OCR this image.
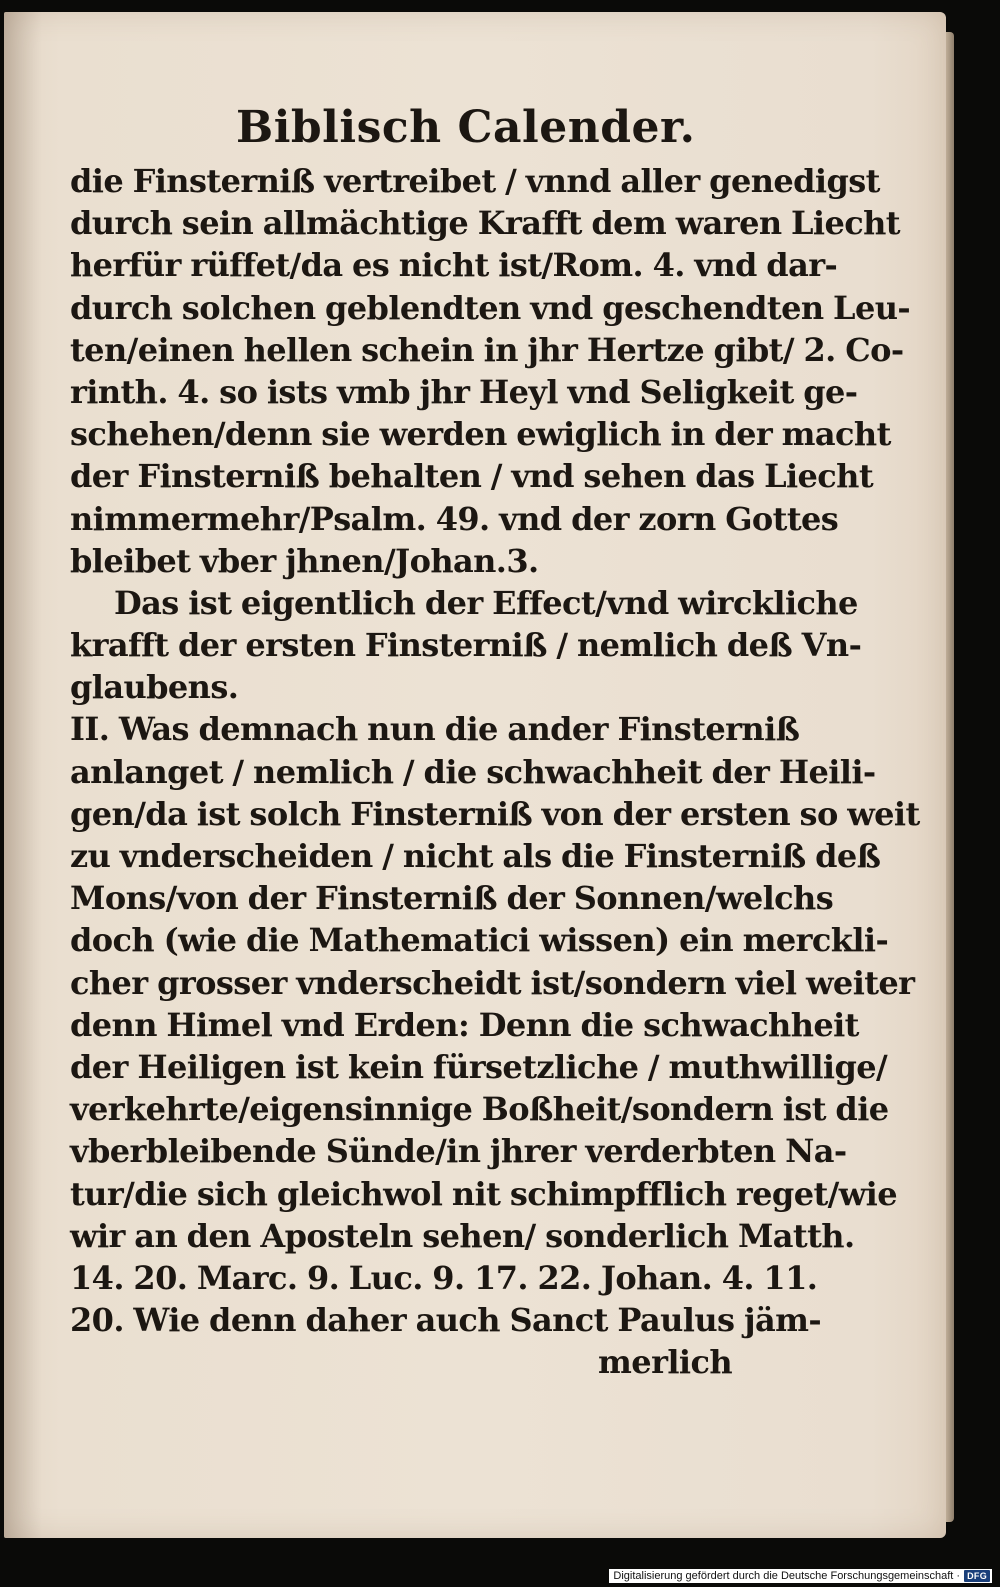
Biblisch Calender.
die Finsterniß vertreibet / vnnd aller genedigst
durch sein allmächtige Krafft dem waren Liecht
herfür rüffet/da es nicht ist/Rom. 4. vnd dar-
durch solchen geblendten vnd geschendten Leu-
ten/einen hellen schein in jhr Hertze gibt/ 2. Co-
rinth. 4. so ists vmb jhr Heyl vnd Seligkeit ge-
schehen/denn sie werden ewiglich in der macht
der Finsterniß behalten / vnd sehen das Liecht
nimmermehr/Psalm. 49. vnd der zorn Gottes
bleibet vber jhnen/Johan.3.
Das ist eigentlich der Effect/vnd wirckliche
krafft der ersten Finsterniß / nemlich deß Vn-
glaubens.
II. Was demnach nun die ander Finsterniß
anlanget / nemlich / die schwachheit der Heili-
gen/da ist solch Finsterniß von der ersten so weit
zu vnderscheiden / nicht als die Finsterniß deß
Mons/von der Finsterniß der Sonnen/welchs
doch (wie die Mathematici wissen) ein merckli-
cher grosser vnderscheidt ist/sondern viel weiter
denn Himel vnd Erden: Denn die schwachheit
der Heiligen ist kein fürsetzliche / muthwillige/
verkehrte/eigensinnige Boßheit/sondern ist die
vberbleibende Sünde/in jhrer verderbten Na-
tur/die sich gleichwol nit schimpfflich reget/wie
wir an den Aposteln sehen/ sonderlich Matth.
14. 20. Marc. 9. Luc. 9. 17. 22. Johan. 4. 11.
20. Wie denn daher auch Sanct Paulus jäm-
merlich
Digitalisierung gefördert durch die Deutsche Forschungsgemeinschaft · DFG
